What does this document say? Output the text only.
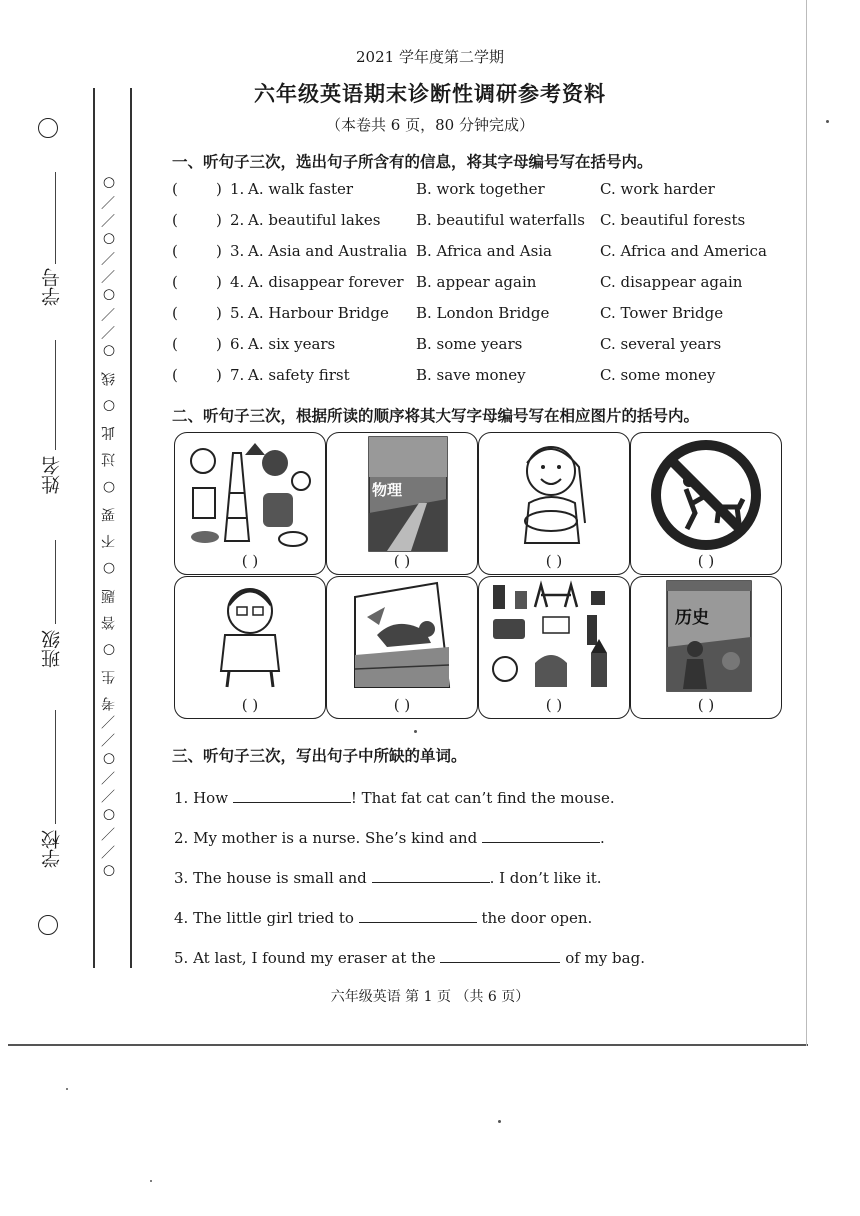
2021 学年度第二学期
六年级英语期末诊断性调研参考资料
（本卷共 6 页，80 分钟完成）
○／／○／／○／／考 生 ○ 答 题 ○ 不 要 ○ 过 此 ○ 线 ○／／○／／○／／○
学号
姓名
班级
学校
一、听句子三次，选出句子所含有的信息，将其字母编号写在括号内。
(	) 1. A. walk faster	B. work together	C. work harder
(	) 2. A. beautiful lakes B. beautiful waterfalls C. beautiful forests
(	) 3. A. Asia and Australia B. Africa and Asia	C. Africa and America
(	) 4. A. disappear forever B. appear again	C. disappear again
(	) 5. A. Harbour Bridge B. London Bridge	C. Tower Bridge
(	) 6. A. six years	B. some years	C. several years
(	) 7. A. safety first	B. save money	C. some money
二、听句子三次，根据所读的顺序将其大写字母编号写在相应图片的括号内。
( )
物理
( )	( )	( )
( )	( )	( )
历史
( )
三、听句子三次，写出句子中所缺的单词。
1. How	! That fat cat can’t find the mouse.
2. My mother is a nurse. She’s kind and	.
3. The house is small and	. I don’t like it.
4. The little girl tried to	the door open.
5. At last, I found my eraser at the	of my bag.
六年级英语 第 1 页 （共 6 页）
